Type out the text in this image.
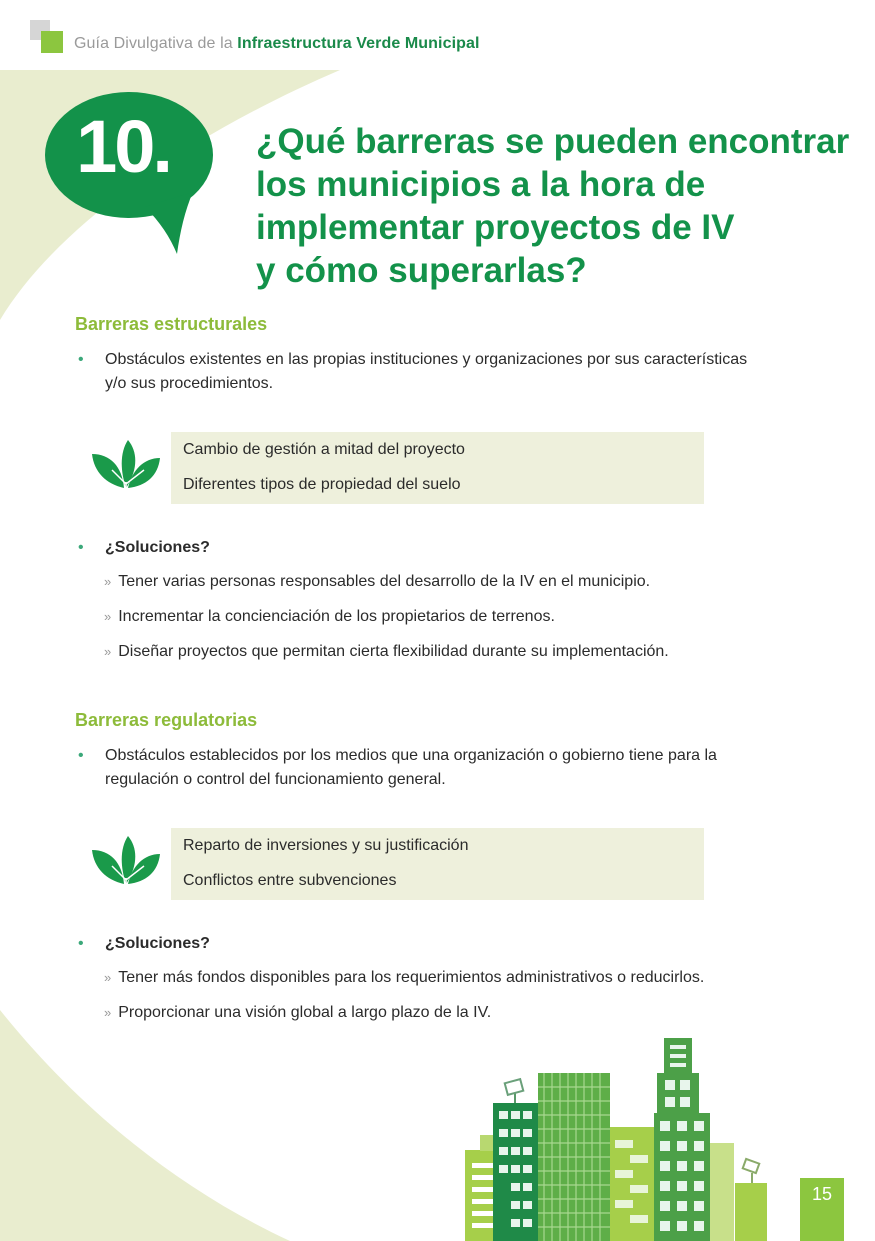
Guía Divulgativa de la Infraestructura Verde Municipal
10.	¿Qué barreras se pueden encontrar
los municipios a la hora de
implementar proyectos de IV
y cómo superarlas?
Barreras estructurales
• Obstáculos existentes en las propias instituciones y organizaciones por sus características
y/o sus procedimientos.
Cambio de gestión a mitad del proyecto
Diferentes tipos de propiedad del suelo
• ¿Soluciones?
» Tener varias personas responsables del desarrollo de la IV en el municipio.
» Incrementar la concienciación de los propietarios de terrenos.
» Diseñar proyectos que permitan cierta flexibilidad durante su implementación.
Barreras regulatorias
• Obstáculos establecidos por los medios que una organización o gobierno tiene para la
regulación o control del funcionamiento general.
Reparto de inversiones y su justificación
Conflictos entre subvenciones
• ¿Soluciones?
» Tener más fondos disponibles para los requerimientos administrativos o reducirlos.
» Proporcionar una visión global a largo plazo de la IV.
15
